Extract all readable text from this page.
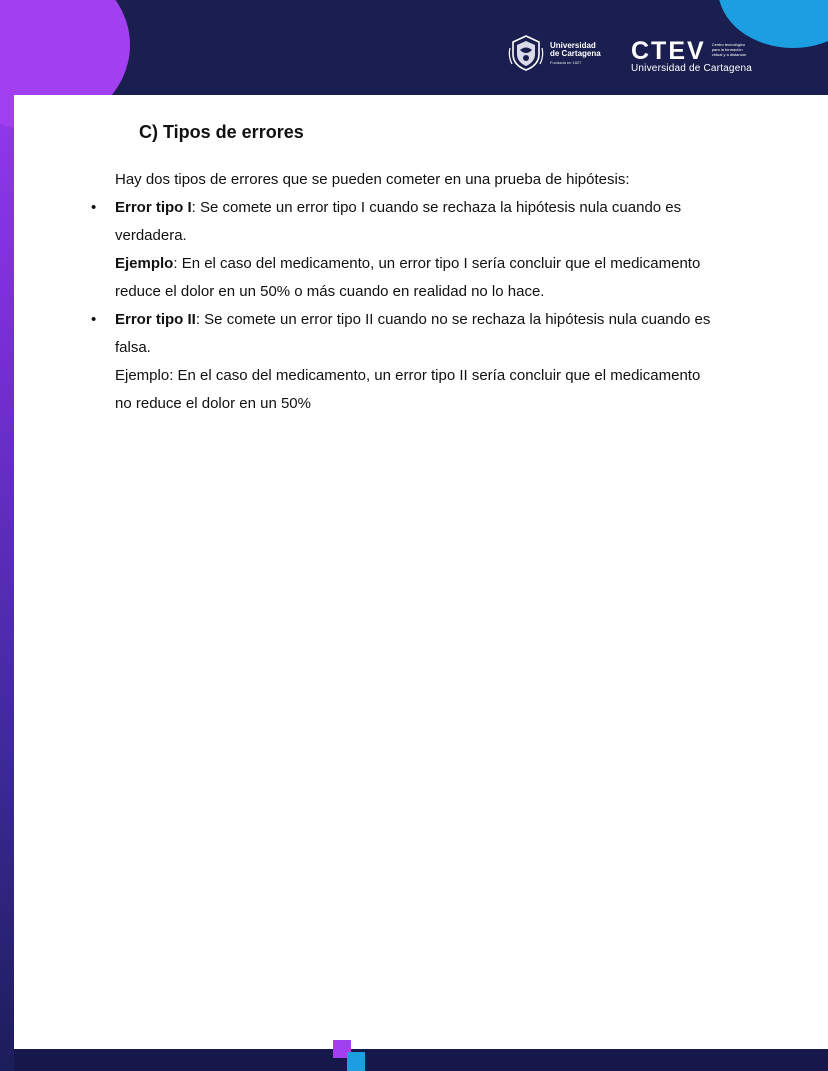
Universidad
de Cartagena
Fundada en 1827	CTEV Centro tecnológico
para la formación
virtual y a distancia
Universidad de Cartagena
C) Tipos de errores

Hay dos tipos de errores que se pueden cometer en una prueba de hipótesis:

• Error tipo I: Se comete un error tipo I cuando se rechaza la hipótesis nula cuando es verdadera.
Ejemplo: En el caso del medicamento, un error tipo I sería concluir que el medicamento reduce el dolor en un 50% o más cuando en realidad no lo hace.
• Error tipo II: Se comete un error tipo II cuando no se rechaza la hipótesis nula cuando es falsa.
Ejemplo: En el caso del medicamento, un error tipo II sería concluir que el medicamento no reduce el dolor en un 50%
